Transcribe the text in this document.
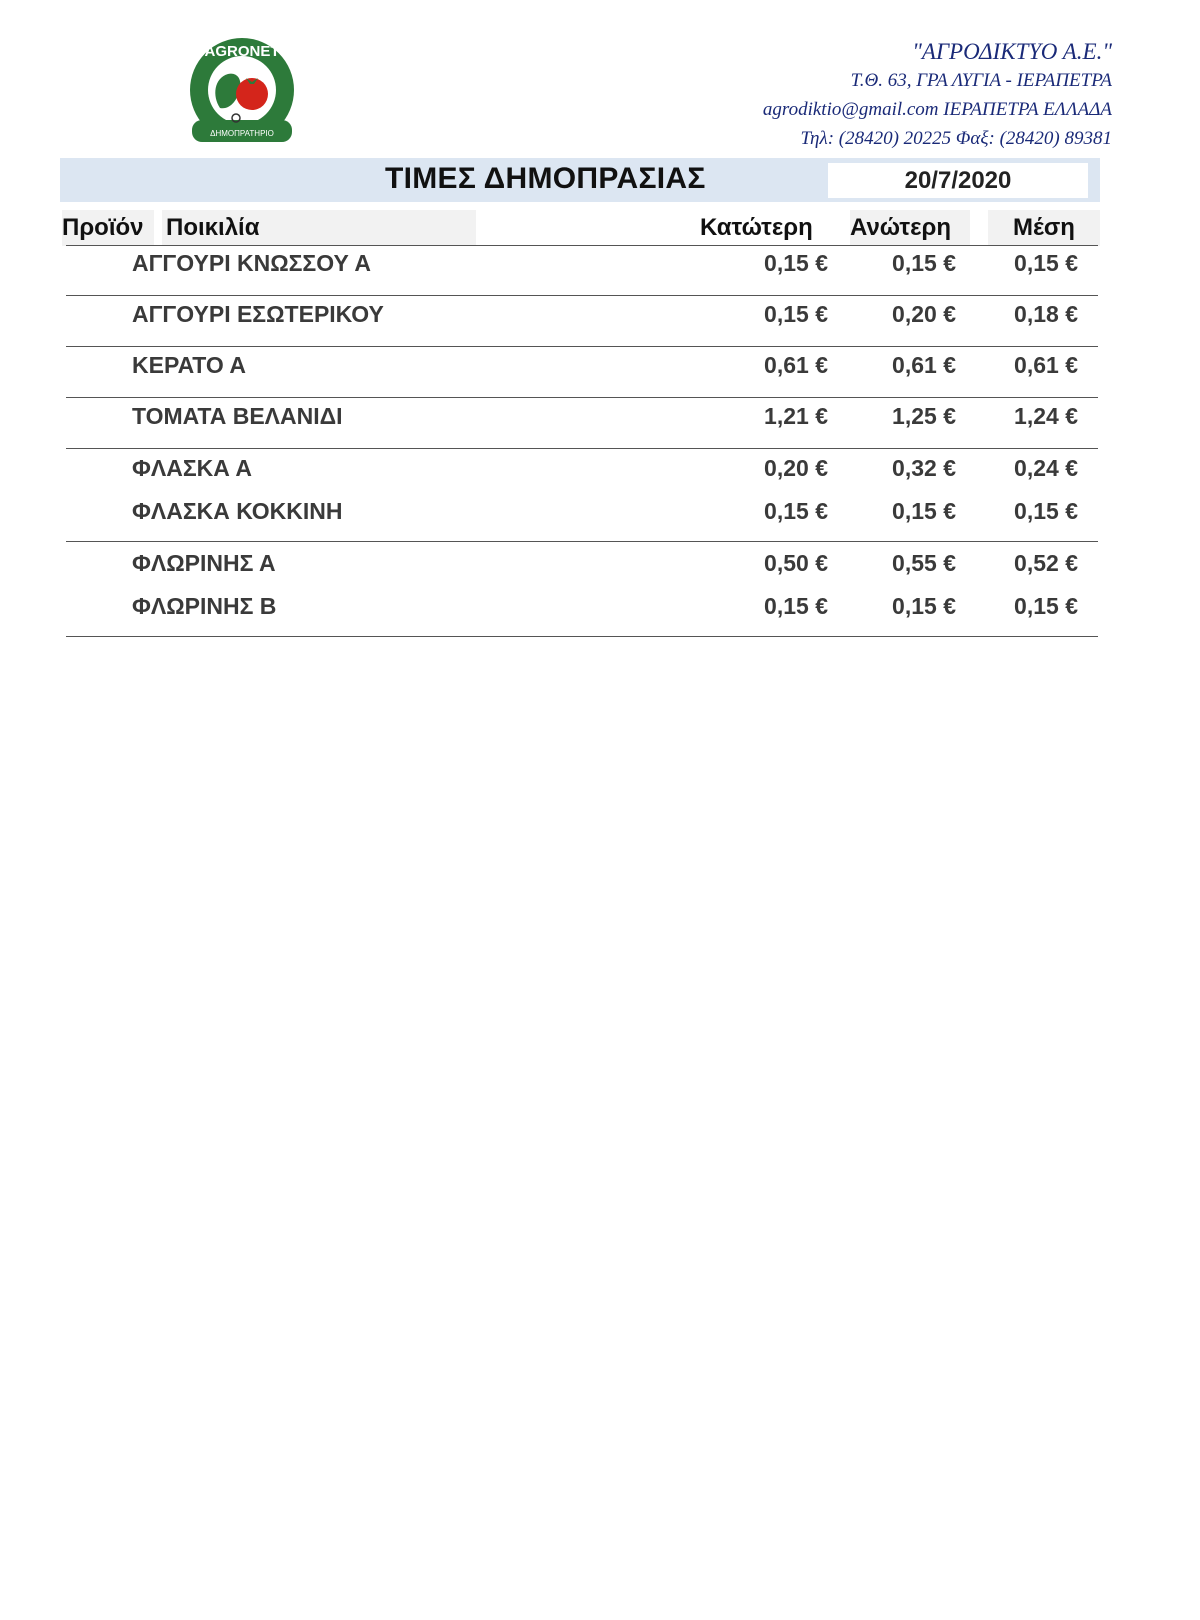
AGRONET
ΔΗΜΟΠΡΑΤΗΡΙΟ
"ΑΓΡΟΔΙΚΤΥΟ Α.Ε."
Τ.Θ. 63, ΓΡΑ ΛΥΓΙΑ - ΙΕΡΑΠΕΤΡΑ
agrodiktio@gmail.com ΙΕΡΑΠΕΤΡΑ ΕΛΛΑΔΑ
Τηλ: (28420) 20225 Φαξ: (28420) 89381
ΤΙΜΕΣ ΔΗΜΟΠΡΑΣΙΑΣ	20/7/2020
Προϊόν Ποικιλία	Κατώτερη	Ανώτερη	Μέση
ΑΓΓΟΥΡΙ ΚΝΩΣΣΟΥ Α	0,15 €	0,15 €	0,15 €
ΑΓΓΟΥΡΙ ΕΣΩΤΕΡΙΚΟΥ	0,15 €	0,20 €	0,18 €
ΚΕΡΑΤΟ Α	0,61 €	0,61 €	0,61 €
ΤΟΜΑΤΑ ΒΕΛΑΝΙΔΙ	1,21 €	1,25 €	1,24 €
ΦΛΑΣΚΑ Α	0,20 €	0,32 €	0,24 €
ΦΛΑΣΚΑ ΚΟΚΚΙΝΗ	0,15 €	0,15 €	0,15 €
ΦΛΩΡΙΝΗΣ Α	0,50 €	0,55 €	0,52 €
ΦΛΩΡΙΝΗΣ Β	0,15 €	0,15 €	0,15 €
